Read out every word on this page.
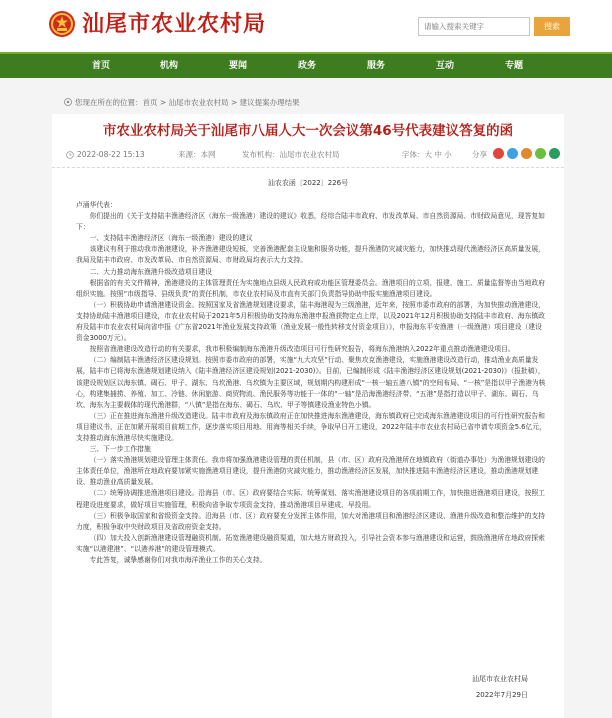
汕尾市农业农村局
请输入搜索关键字	搜索
首页	机构	要闻	政务	服务	互动	专题
您现在所在的位置：首页 > 汕尾市农业农村局 > 建议提案办理结果
市农业农村局关于汕尾市八届人大一次会议第46号代表建议答复的函
2022-08-22 15:13	来源：本网	发布机构：汕尾市农业农村局	字体：大 中 小	分享
汕农农函〔2022〕226号

卢涌华代表：

你们提出的《关于支持陆丰渔港经济区（海东一级渔港）建设的建议》收悉，经综合陆丰市政府、市发改革局、市自然资源局、市财政局意见，现答复如下：

一、支持陆丰渔港经济区（海东一级渔港）建设的建议

该建议有利于推动我市渔港建设，补齐渔港建设短板，完善渔港配套主设施和服务功能，提升渔港防灾减灾能力，加快推动现代渔港经济区高质量发展，我局及陆丰市政府、市发改革局、市自然资源局、市财政局均表示大力支持。

二、大力推动海东渔港升级改造项目建设

根据省的有关文件精神，渔港建设的主体管理责任为实施地点县级人民政府或功能区管理委员会。渔港项目的立项、报建、施工、质量监督等由当地政府组织实施。按照“市级指导、县级负责”的责任机制，市农业农村局及市直有关部门负责指导协助申报实施渔港项目建设。

（一）积极协助申请渔港建设资金。按照国家及省渔港规划建设要求，陆丰海港现为三级渔港，近年来，按照市委市政府的部署，为加快推动渔港建设，支持协助陆丰渔港项目建设，市农业农村局于2021年5月积极协助支持海东渔港申报渔获物定点上岸，以及2021年12月积极协助支持陆丰市政府、海东镇政府及陆丰市农业农村局向省申报《广东省2021年渔业发展支持政策（渔业发展一般性转移支付资金项目）》，申报海东平安渔港（一级渔港）项目建设（建设资金3000万元）。

按照省渔港建设改造行动的有关要求，我市积极编制海东渔港升级改造项目可行性研究报告，将海东渔港纳入2022年重点推动渔港建设项目。

（二）编制陆丰渔港经济区建设规划。按照市委市政府的部署，实施“九大攻坚”行动、聚焦攻克渔港建设，实施渔港建设改造行动，推动渔业高质量发展，陆丰市已将海东渔港规划建设纳入《陆丰渔港经济区建设规划(2021-2030)》。目前，已编制形成《陆丰渔港经济区建设规划(2021-2030)》（报批稿），该建设规划区以海东镇、碣石、甲子、湖东、乌坎渔港、乌坎镇为主要区域，规划期内构建形成“一核一轴五港八镇”的空间布局。“一核”是指以甲子渔港为核心，构建集捕捞、养殖、加工、冷链、休闲旅游、商贸物流、渔民服务等功能于一体的“一轴”是沿海渔港经济带、“五港”是指打造以甲子、湖东、碣石、乌坎、海东为主要载体的现代渔港群，“八镇”是指在海东、碣石、乌坎、甲子等镇建设渔业特色小镇。

（三）正在推进海东渔港升级改造建设。陆丰市政府及海东镇政府正在加快推进海东渔港建设，海东镇政府已完成海东渔港建设项目的可行性研究报告和项目建议书，正在加紧开展项目前期工作，逐步落实项目用地、用海等相关手续，争取早日开工建设，2022年陆丰市农业农村局已省申请专项资金5.6亿元，支持推动海东渔港尽快实施建设。

三、下一步工作措施

（一）落实渔港规划建设管理主体责任。我市将加强渔港建设管理的责任机制，县（市、区）政府及渔港所在地镇政府（街道办事处）为渔港规划建设的主体责任单位，渔港所在地政府要加紧实施渔港项目建设，提升渔港防灾减灾能力，推动渔港经济区发展，加快推进陆丰渔港经济区建设，推动渔港规划建设、推动渔业高质量发展。

（二）统筹协调推进渔港项目建设。沿海县（市、区）政府要结合实际、统筹谋划、落实渔港建设项目的各项前期工作，加快推进渔港项目建设，按照工程建设进度要求，做好项目实施管理，积极向省争取专项资金支持，推动渔港项目早建成、早投用。

（三）积极争取国家和省级资金支持。沿海县（市、区）政府要充分发挥主体作用，加大对渔港项目和渔港经济区建设、渔港升级改造和整治维护的支持力度，积极争取中央财政项目及省政府资金支持。

（四）加大投入创新渔港建设管理融资机制。拓宽渔港建设融资渠道，加大地方财政投入，引导社会资本参与渔港建设和运营，鼓励渔港所在地政府探索实施“以港建港”、“以港养港”的建设管理模式。

专此答复，诚挚感谢你们对我市海洋渔业工作的关心支持。

汕尾市农业农村局
2022年7月29日
